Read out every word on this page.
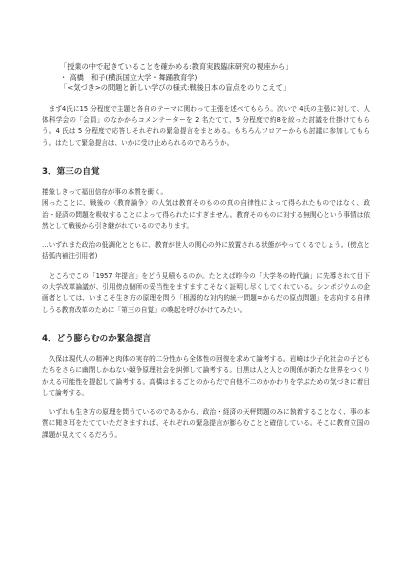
「授業の中で起きていることを確かめる:教育実践臨床研究の視座から」
・ 高橋　和子(横浜国立大学・舞踊教育学)
「<気づき>の問題と新しい学びの様式:戦後日本の盲点をのりこえて」

　まず4氏に15 分程度で主題と各自のテーマに関わって主張を述べてもらう。次いで 4氏の主張に対して、人体科学会の「会員」のなかからコメンテーターを 2 名たてて、5 分程度で約8を絞った討議を仕掛けてもらう。4 氏は 5 分程度で応答しそれぞれの緊急提言をまとめる。もちろんフロアーからも討議に参加してもらう。はたして緊急提言は、いかに受け止められるのであろうか。

3．第三の自覚

捲象しきって福田信存が事の本質を衝く。
困ったことに、戦後の〈教育論争〉の人気は教育そのものの真の自律性によって得られたものではなく、政治・経済の問題を吸収することによって得られたにすぎません。教育そのものに対する無関心という事情は依然として戦後から引き継がれているのであります。

…いずれまた政治の低調化とともに、教育が世人の関心の外に放置される状態がやってくるでしょう。(傍点と括弧内補注引用者)

　ところでこの「1957 年提言」をどう見積もるのか。たとえば昨今の「大学冬の時代論」に先導されて目下の大学改革論議が、引用傍点個所の妥当性をますますこそなく証明し尽くしてくれている。シンポジウムの企画者としては、いまこそ生き方の原理を問う「根源的な対内的統一問題=からだの原点問題」を志向する自律しうる教育改革のために「第三の自覚」の喚起を呼びかけてみたい。

4．どう膨らむのか緊急提言

　久保は現代人の精神と肉体の実存的二分性から全体性の回復を求めて論考する。岩崎は少子化社会の子どもたちをさらに幽閉しかねない競争原理社会を糾弾して論考する。目黒は人と人との関係が新たな世界をつくりかえる可能性を提起して論考する。高橋はまるごとのからだで自他不二のかかわりを学ぶための気づきに着目して論考する。

　いずれも生き方の原理を問うているのであるから、政治・経済の天秤問題のみに執着することなく、事の本質に聞き耳をたてていただきますれば、それぞれの緊急提言が膨らむことと確信している。そこに教育立国の課題が見えてくるだろう。
